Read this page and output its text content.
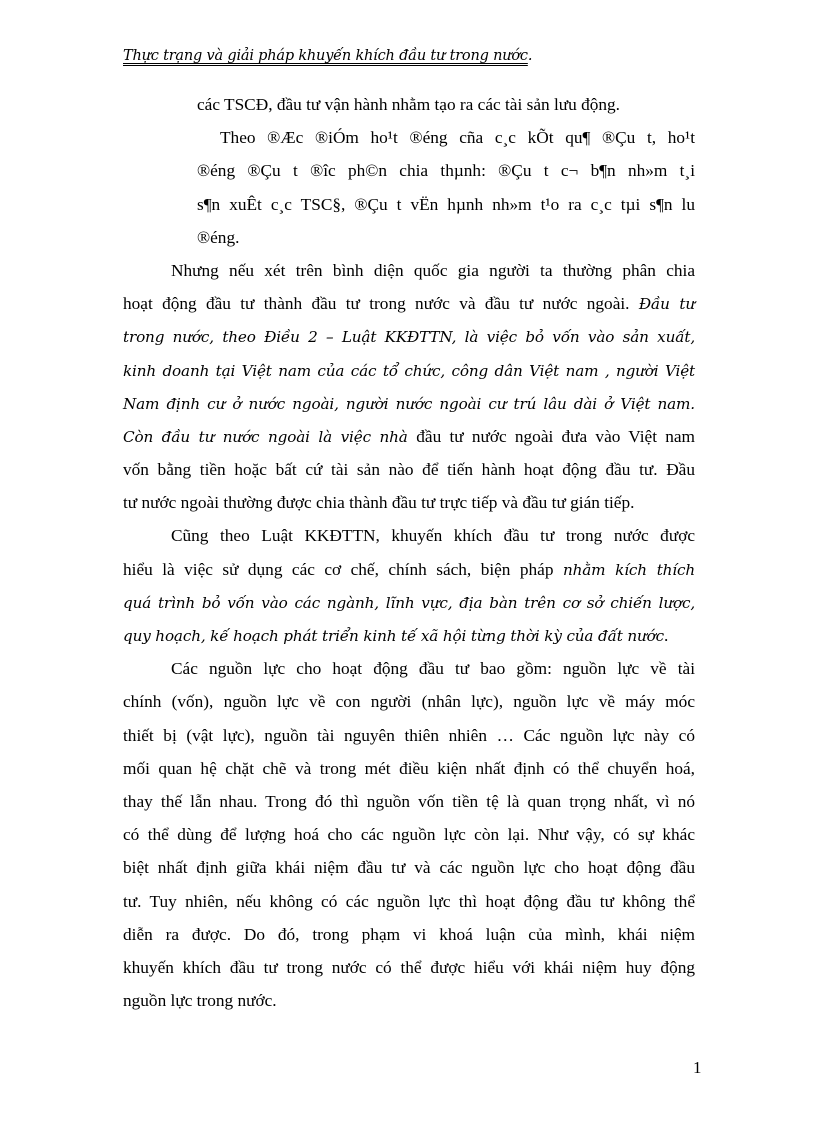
Thực trạng và giải pháp khuyến khích đầu tư trong nước.
các TSCĐ, đầu tư vận hành nhằm tạo ra các tài sản lưu động.
Theo ®Æc ®iÓm ho¹t ®éng cña c¸c kÕt qu¶ ®Çu t, ho¹t
®éng ®Çu t ®îc ph©n chia thµnh: ®Çu t c¬ b¶n nh»m t¸i
s¶n xuÊt c¸c TSC§, ®Çu t vËn hµnh nh»m t¹o ra c¸c tµi s¶n lu
®éng.
Nhưng nếu xét trên bình diện quốc gia người ta thường phân chia
hoạt động đầu tư thành đầu tư trong nước và đầu tư nước ngoài. Đầu tư
trong nước, theo Điều 2 – Luật KKĐTTN, là việc bỏ vốn vào sản xuất,
kinh doanh tại Việt nam của các tổ chức, công dân Việt nam , người Việt
Nam định cư ở nước ngoài, người nước ngoài cư trú lâu dài ở Việt nam.
Còn đầu tư nước ngoài là việc nhà đầu tư nước ngoài đưa vào Việt nam
vốn bằng tiền hoặc bất cứ tài sản nào để tiến hành hoạt động đầu tư. Đầu
tư nước ngoài thường được chia thành đầu tư trực tiếp và đầu tư gián tiếp.
Cũng theo Luật KKĐTTN, khuyến khích đầu tư trong nước được
hiểu là việc sử dụng các cơ chế, chính sách, biện pháp nhằm kích thích
quá trình bỏ vốn vào các ngành, lĩnh vực, địa bàn trên cơ sở chiến lược,
quy hoạch, kế hoạch phát triển kinh tế xã hội từng thời kỳ của đất nước.
Các nguồn lực cho hoạt động đầu tư bao gồm: nguồn lực về tài
chính (vốn), nguồn lực về con người (nhân lực), nguồn lực về máy móc
thiết bị (vật lực), nguồn tài nguyên thiên nhiên … Các nguồn lực này có
mối quan hệ chặt chẽ và trong mét điều kiện nhất định có thể chuyển hoá,
thay thế lẫn nhau. Trong đó thì nguồn vốn tiền tệ là quan trọng nhất, vì nó
có thể dùng để lượng hoá cho các nguồn lực còn lại. Như vậy, có sự khác
biệt nhất định giữa khái niệm đầu tư và các nguồn lực cho hoạt động đầu
tư. Tuy nhiên, nếu không có các nguồn lực thì hoạt động đầu tư không thể
diễn ra được. Do đó, trong phạm vi khoá luận của mình, khái niệm
khuyến khích đầu tư trong nước có thể được hiểu với khái niệm huy động
nguồn lực trong nước.
1
